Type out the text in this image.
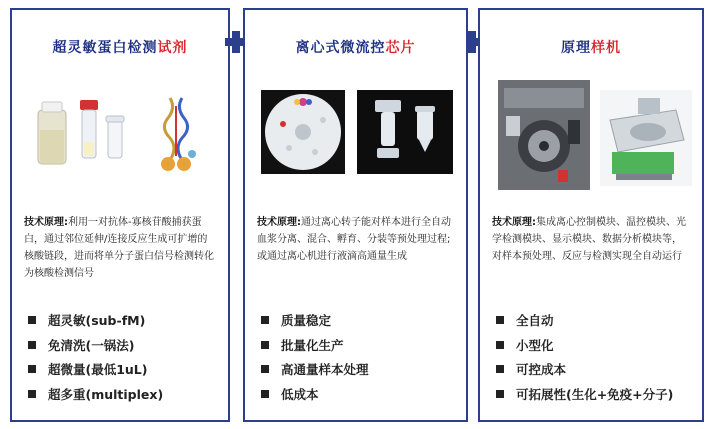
超灵敏蛋白检测试剂
技术原理:利用一对抗体-寡核苷酸捕获蛋白，通过邻位延伸/连接反应生成可扩增的核酸链段，进而将单分子蛋白信号检测转化为核酸检测信号
超灵敏(sub-fM)
免清洗(一锅法)
超微量(最低1uL)
超多重(multiplex)
离心式微流控芯片
技术原理:通过离心转子能对样本进行全自动血浆分离、混合、孵育、分装等预处理过程;或通过离心机进行液滴高通量生成
质量稳定
批量化生产
高通量样本处理
低成本
原理样机
技术原理:集成离心控制模块、温控模块、光学检测模块、显示模块、数据分析模块等，对样本预处理、反应与检测实现全自动运行
全自动
小型化
可控成本
可拓展性(生化+免疫+分子)
